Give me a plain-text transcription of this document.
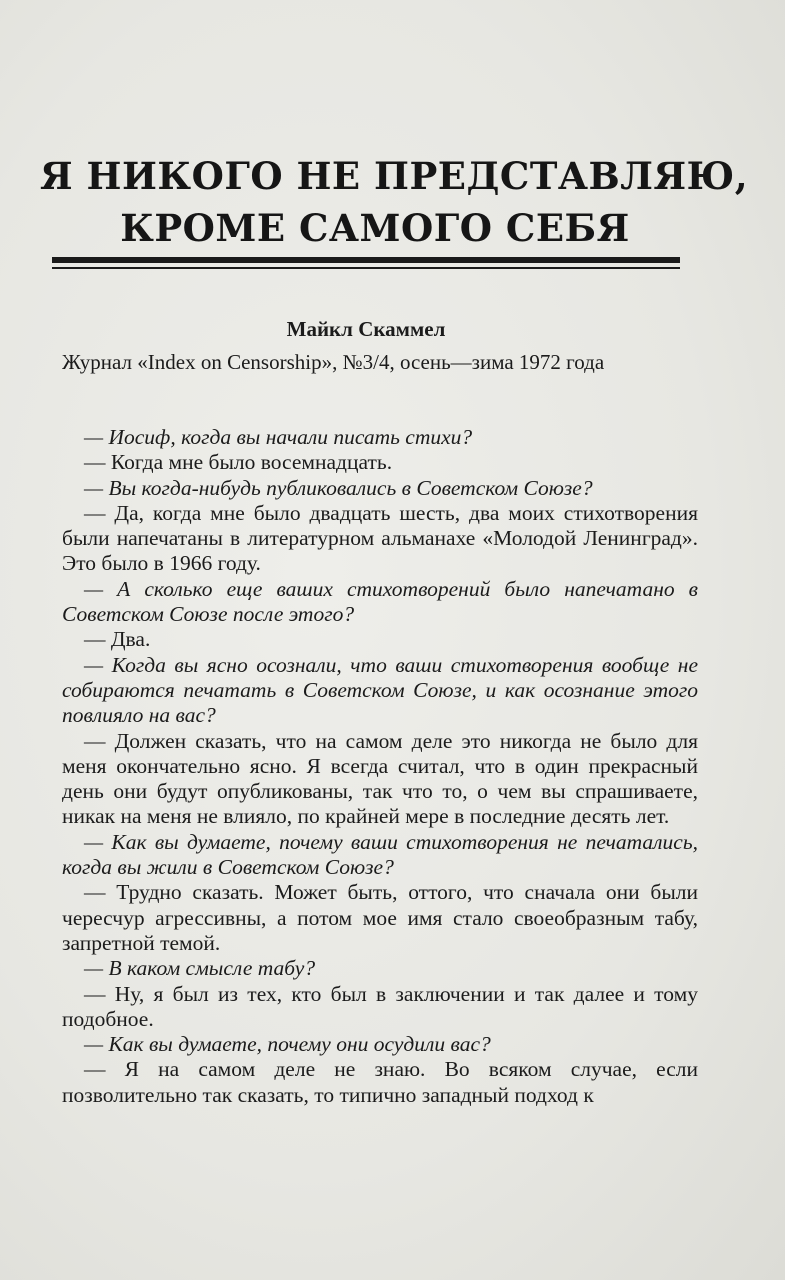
Я НИКОГО НЕ ПРЕДСТАВЛЯЮ,
КРОМЕ САМОГО СЕБЯ
Майкл Скаммел
Журнал «Index on Censorship», №3/4, осень—зима 1972 года

— Иосиф, когда вы начали писать стихи?

— Когда мне было восемнадцать.

— Вы когда-нибудь публиковались в Советском Союзе?

— Да, когда мне было двадцать шесть, два моих стихотворения были напечатаны в литературном альманахе «Молодой Ленинград». Это было в 1966 году.

— А сколько еще ваших стихотворений было напечатано в Советском Союзе после этого?

— Два.

— Когда вы ясно осознали, что ваши стихотворения вообще не собираются печатать в Советском Союзе, и как осознание этого повлияло на вас?

— Должен сказать, что на самом деле это никогда не было для меня окончательно ясно. Я всегда считал, что в один прекрасный день они будут опубликованы, так что то, о чем вы спрашиваете, никак на меня не влияло, по крайней мере в последние десять лет.

— Как вы думаете, почему ваши стихотворения не печатались, когда вы жили в Советском Союзе?

— Трудно сказать. Может быть, оттого, что сначала они были чересчур агрессивны, а потом мое имя стало своеобразным табу, запретной темой.

— В каком смысле табу?

— Ну, я был из тех, кто был в заключении и так далее и тому подобное.

— Как вы думаете, почему они осудили вас?

— Я на самом деле не знаю. Во всяком случае, если позволительно так сказать, то типично западный подход к
